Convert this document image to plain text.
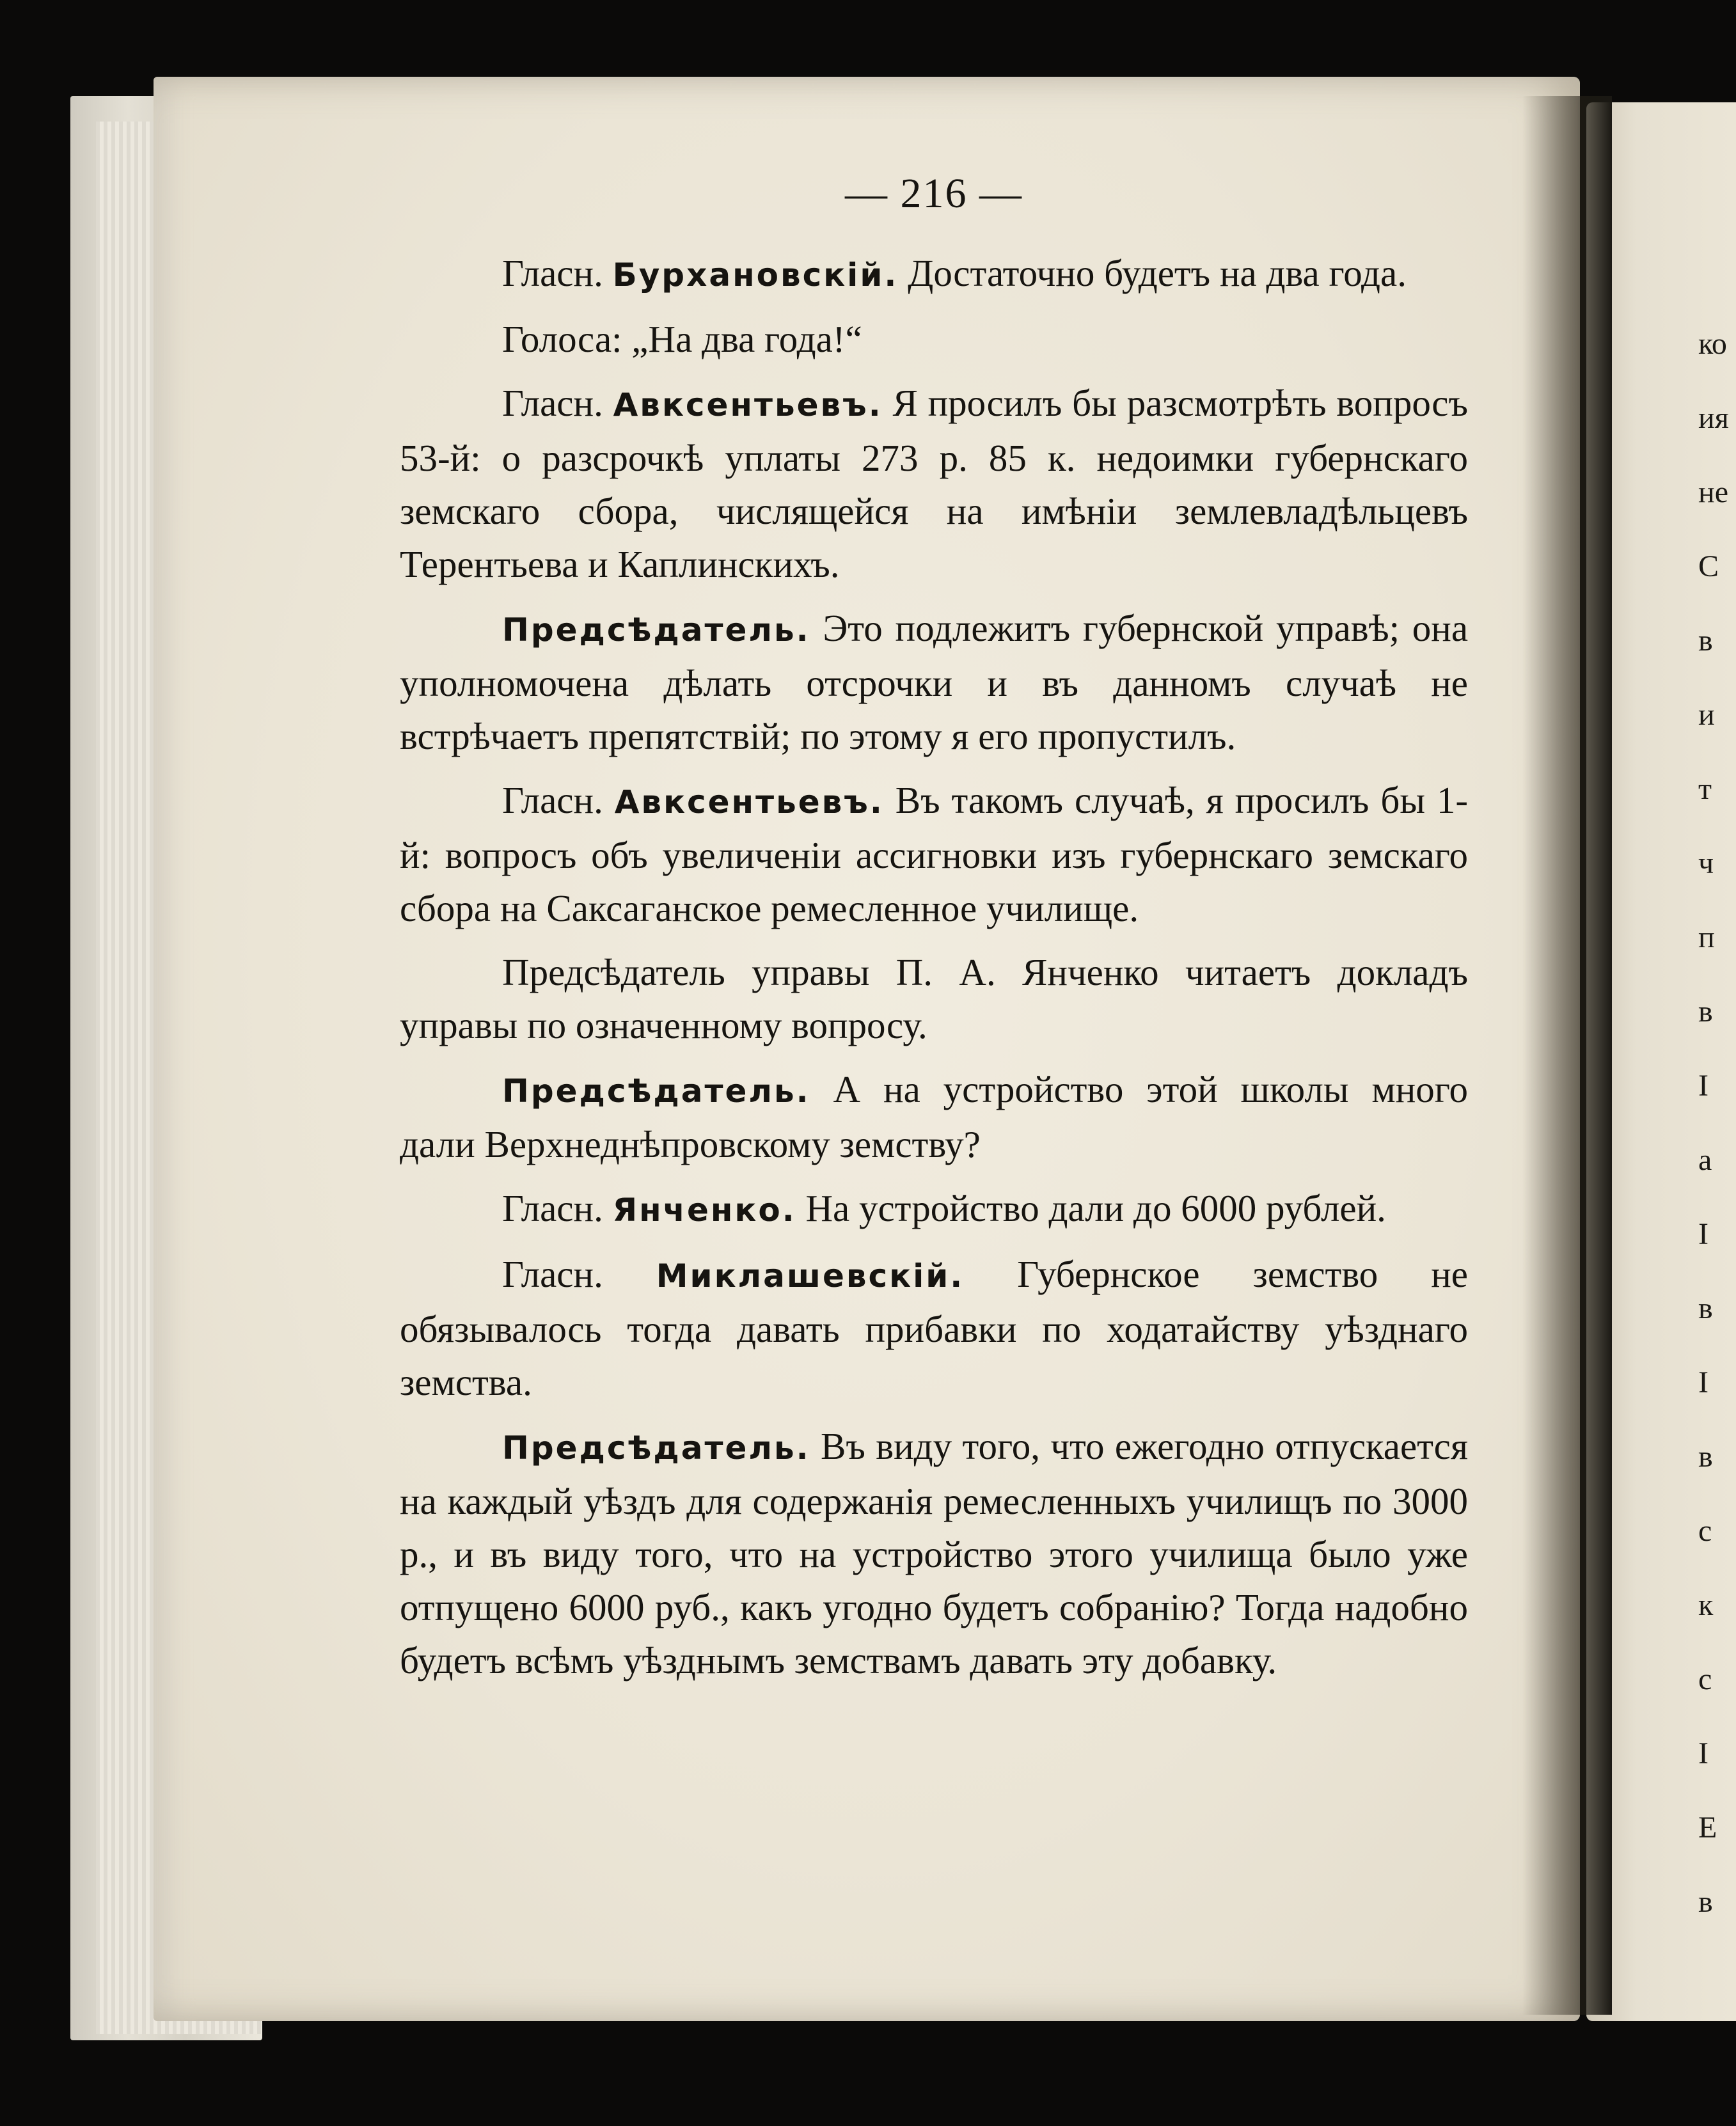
ко
ия
не
С
в
и
т
ч
п
в
І
а
І
в
І
в
с
к
с
І
Е
в
— 216 —

Гласн. Бурхановскій. Достаточно будетъ на два года.

Голоса: „На два года!“

Гласн. Авксентьевъ. Я просилъ бы разсмотрѣть вопросъ 53-й: о разсрочкѣ уплаты 273 р. 85 к. недоимки губернскаго земскаго сбора, числящейся на имѣніи землевладѣльцевъ Терентьева и Каплинскихъ.

Предсѣдатель. Это подлежитъ губернской управѣ; она уполномочена дѣлать отсрочки и въ данномъ случаѣ не встрѣчаетъ препятствій; по этому я его пропустилъ.

Гласн. Авксентьевъ. Въ такомъ случаѣ, я просилъ бы 1-й: вопросъ объ увеличеніи ассигновки изъ губернскаго земскаго сбора на Саксаганское ремесленное училище.

Предсѣдатель управы П. А. Янченко читаетъ докладъ управы по означенному вопросу.

Предсѣдатель. А на устройство этой школы много дали Верхнеднѣпровскому земству?

Гласн. Янченко. На устройство дали до 6000 рублей.

Гласн. Миклашевскій. Губернское земство не обязывалось тогда давать прибавки по ходатайству уѣзднаго земства.

Предсѣдатель. Въ виду того, что ежегодно отпускается на каждый уѣздъ для содержанія ремесленныхъ училищъ по 3000 р., и въ виду того, что на устройство этого училища было уже отпущено 6000 руб., какъ угодно будетъ собранію? Тогда надобно будетъ всѣмъ уѣзднымъ земствамъ давать эту добавку.
